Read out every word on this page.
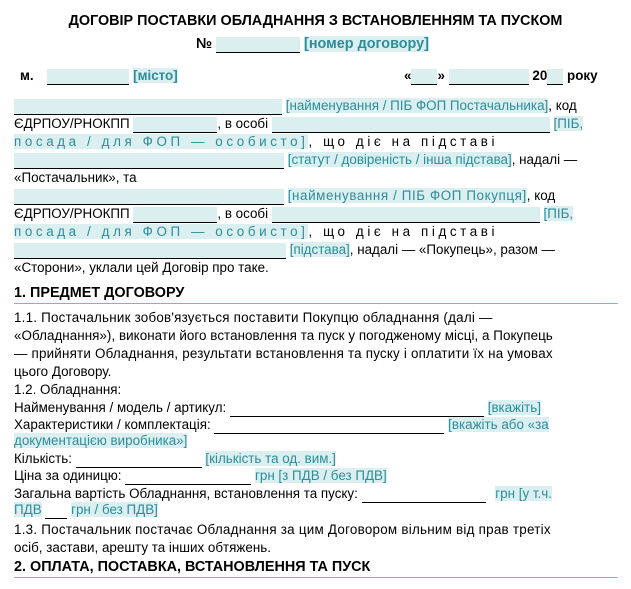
ДОГОВІР ПОСТАВКИ ОБЛАДНАННЯ З ВСТАНОВЛЕННЯМ ТА ПУСКОМ
№	[номер договору]
м.	[місто]	« »	20 року
[найменування / ПІБ ФОП Постачальника], код
ЄДРПОУ/РНОКПП	, в особі	[ПІБ,
посада / для ФОП — особисто], що діє на підставі
[статут / довіреність / інша підстава], надалі —
«Постачальник», та
[найменування / ПІБ ФОП Покупця], код
ЄДРПОУ/РНОКПП	, в особі	[ПІБ,
посада / для ФОП — особисто], що діє на підставі
[підстава], надалі — «Покупець», разом —
«Сторони», уклали цей Договір про таке.
1. ПРЕДМЕТ ДОГОВОРУ
1.1. Постачальник зобов'язується поставити Покупцю обладнання (далі —
«Обладнання»), виконати його встановлення та пуск у погодженому місці, а Покупець
— прийняти Обладнання, результати встановлення та пуску і оплатити їх на умовах
цього Договору.
1.2. Обладнання:
Найменування / модель / артикул:	[вкажіть]
Характеристики / комплектація:	[вкажіть або «за
документацією виробника»]
Кількість:	[кількість та од. вим.]
Ціна за одиницю:	грн [з ПДВ / без ПДВ]
Загальна вартість Обладнання, встановлення та пуску:	грн [у т.ч.
ПДВ грн / без ПДВ]
1.3. Постачальник постачає Обладнання за цим Договором вільним від прав третіх
осіб, застави, арешту та інших обтяжень.
2. ОПЛАТА, ПОСТАВКА, ВСТАНОВЛЕННЯ ТА ПУСК
